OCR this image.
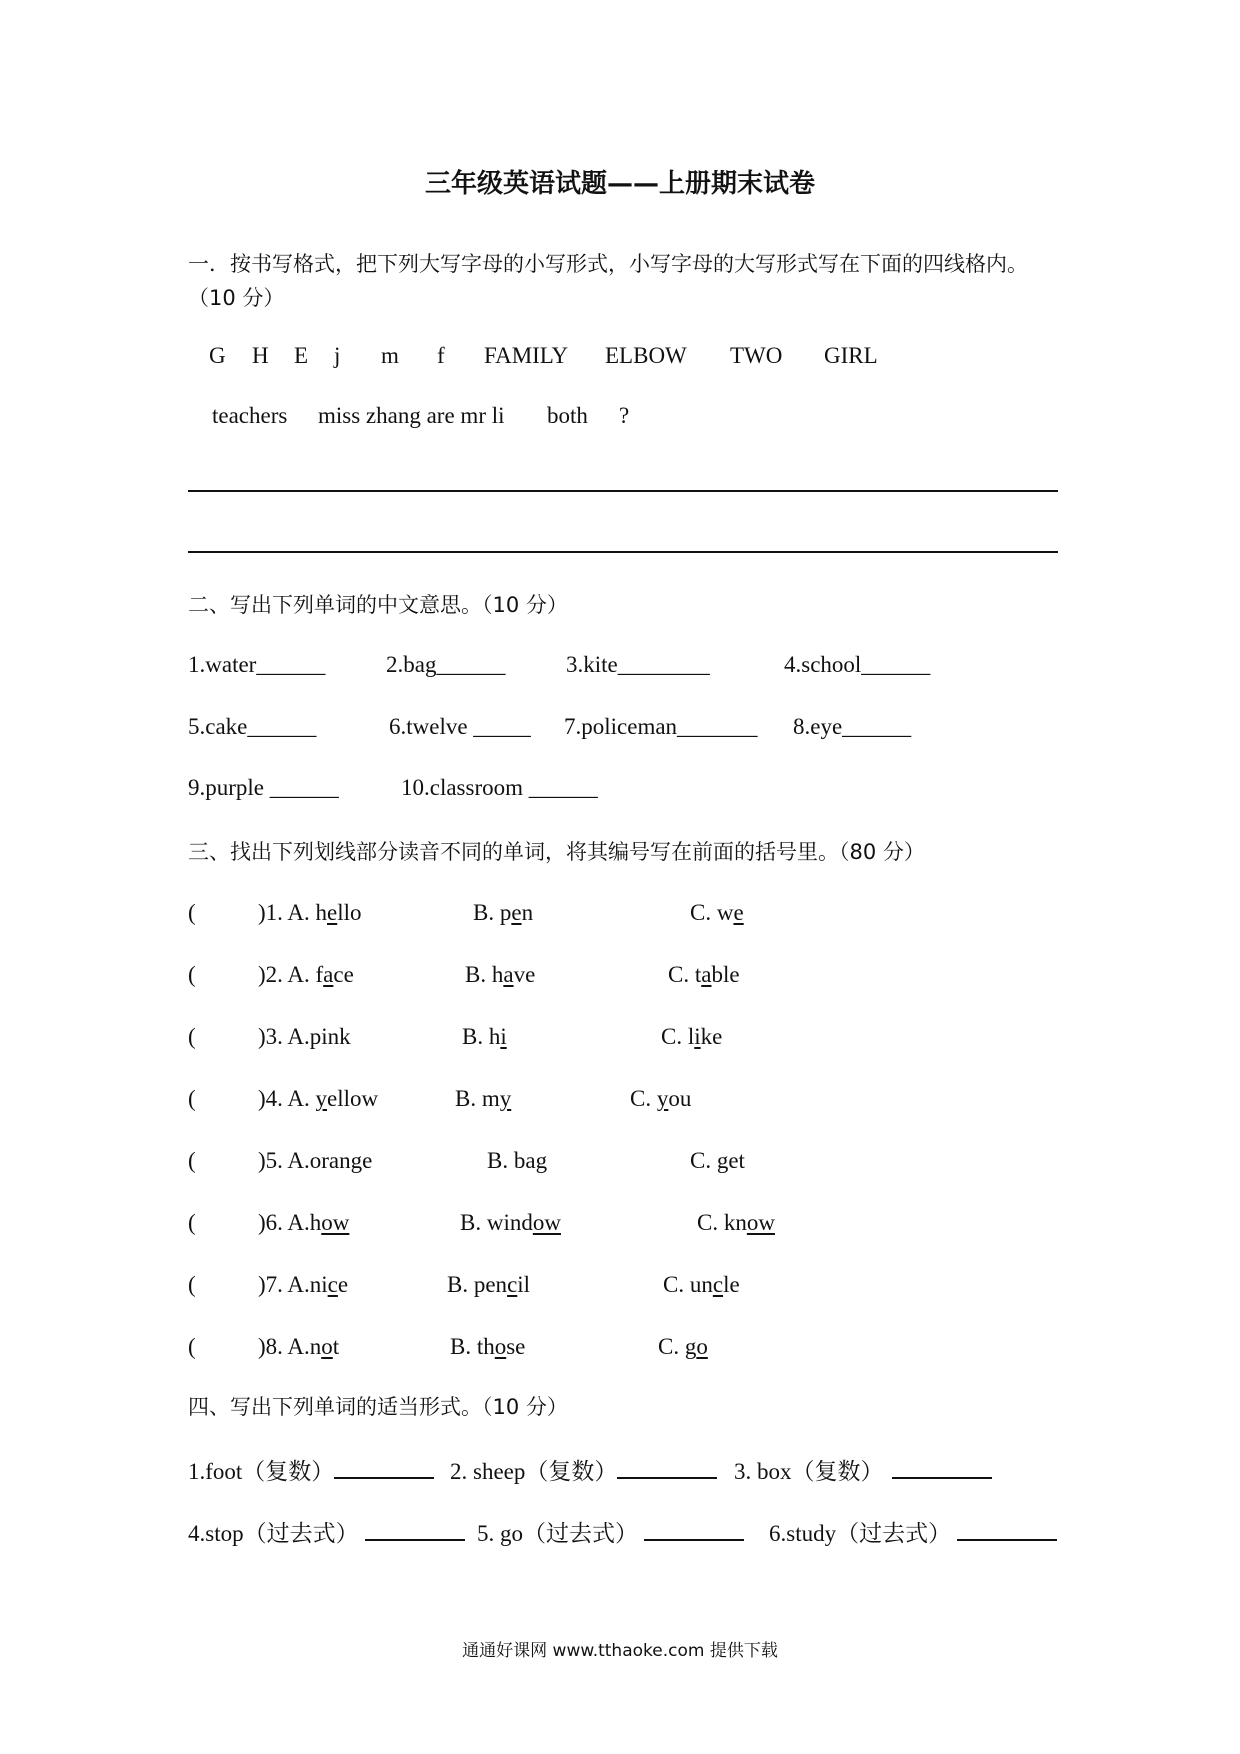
三年级英语试题——上册期末试卷
一．按书写格式，把下列大写字母的小写形式，小写字母的大写形式写在下面的四线格内。
（10 分）
G H E j m f FAMILY ELBOW TWO GIRL
teachers miss zhang are mr li both ?
二、写出下列单词的中文意思。（10 分）
1.water______	2.bag______	3.kite________	4.school______
5.cake______	6.twelve _____ 7.policeman_______ 8.eye______
9.purple ______	10.classroom ______
三、找出下列划线部分读音不同的单词，将其编号写在前面的括号里。（80 分）
(	)1. A. hello	B. pen	C. we
(	)2. A. face	B. have	C. table
(	)3. A.pink	B. hi	C. like
(	)4. A. yellow	B. my	C. you
(	)5. A.orange	B. bag	C. get
(	)6. A.how	B. window	C. know
(	)7. A.nice	B. pencil	C. uncle
(	)8. A.not	B. those	C. go
四、写出下列单词的适当形式。（10 分）
1.foot（复数）	2. sheep（复数）	3. box（复数）
4.stop（过去式）	5. go（过去式）	6.study（过去式）
通通好课网 www.tthaoke.com 提供下载
